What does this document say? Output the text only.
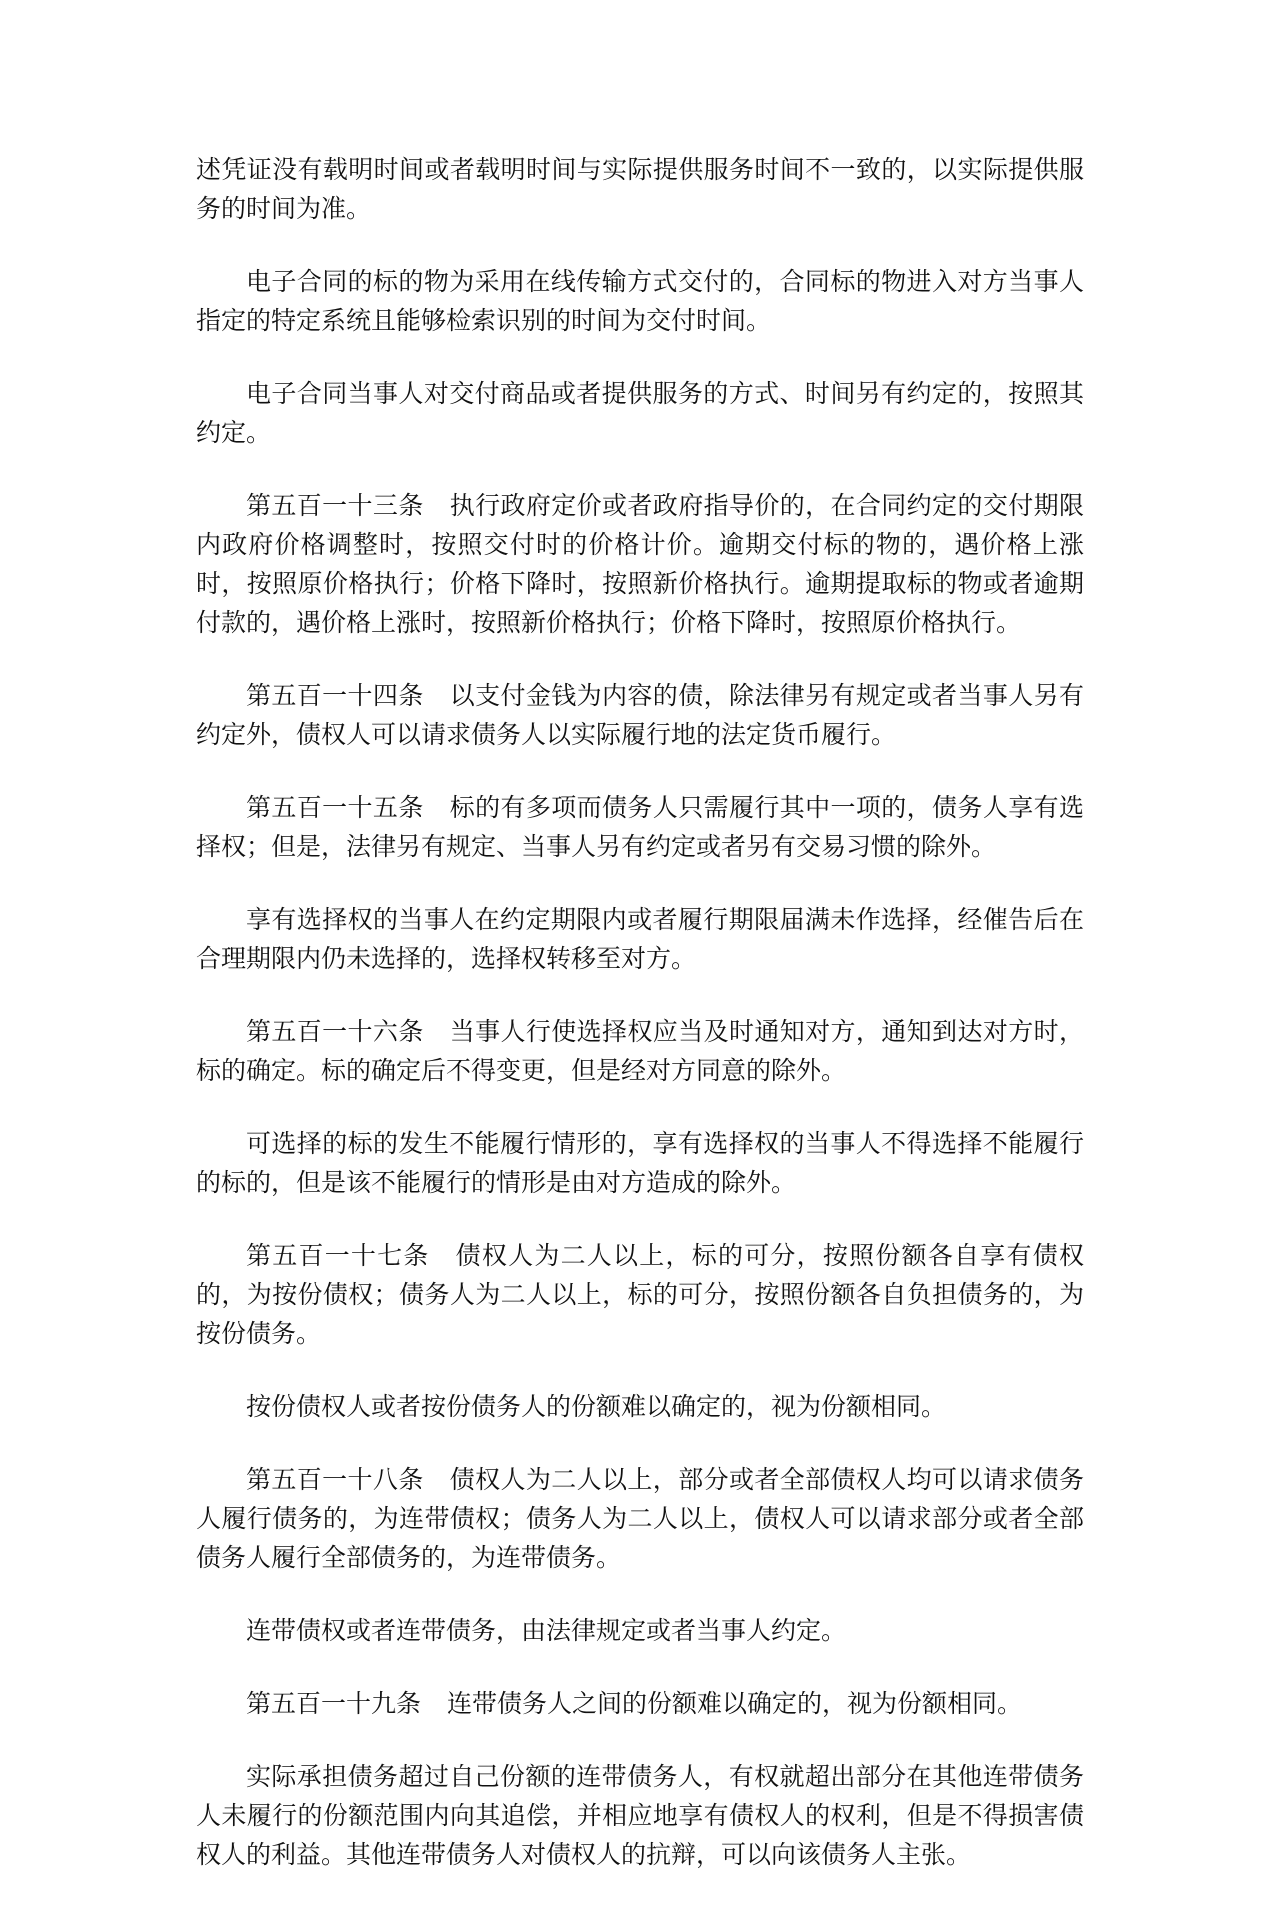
述凭证没有载明时间或者载明时间与实际提供服务时间不一致的，以实际提供服务的时间为准。

电子合同的标的物为采用在线传输方式交付的，合同标的物进入对方当事人指定的特定系统且能够检索识别的时间为交付时间。

电子合同当事人对交付商品或者提供服务的方式、时间另有约定的，按照其约定。

第五百一十三条 执行政府定价或者政府指导价的，在合同约定的交付期限内政府价格调整时，按照交付时的价格计价。逾期交付标的物的，遇价格上涨时，按照原价格执行；价格下降时，按照新价格执行。逾期提取标的物或者逾期付款的，遇价格上涨时，按照新价格执行；价格下降时，按照原价格执行。

第五百一十四条 以支付金钱为内容的债，除法律另有规定或者当事人另有约定外，债权人可以请求债务人以实际履行地的法定货币履行。

第五百一十五条 标的有多项而债务人只需履行其中一项的，债务人享有选择权；但是，法律另有规定、当事人另有约定或者另有交易习惯的除外。

享有选择权的当事人在约定期限内或者履行期限届满未作选择，经催告后在合理期限内仍未选择的，选择权转移至对方。

第五百一十六条 当事人行使选择权应当及时通知对方，通知到达对方时，标的确定。标的确定后不得变更，但是经对方同意的除外。

可选择的标的发生不能履行情形的，享有选择权的当事人不得选择不能履行的标的，但是该不能履行的情形是由对方造成的除外。

第五百一十七条 债权人为二人以上，标的可分，按照份额各自享有债权的，为按份债权；债务人为二人以上，标的可分，按照份额各自负担债务的，为按份债务。

按份债权人或者按份债务人的份额难以确定的，视为份额相同。

第五百一十八条 债权人为二人以上，部分或者全部债权人均可以请求债务人履行债务的，为连带债权；债务人为二人以上，债权人可以请求部分或者全部债务人履行全部债务的，为连带债务。

连带债权或者连带债务，由法律规定或者当事人约定。

第五百一十九条 连带债务人之间的份额难以确定的，视为份额相同。

实际承担债务超过自己份额的连带债务人，有权就超出部分在其他连带债务人未履行的份额范围内向其追偿，并相应地享有债权人的权利，但是不得损害债权人的利益。其他连带债务人对债权人的抗辩，可以向该债务人主张。
